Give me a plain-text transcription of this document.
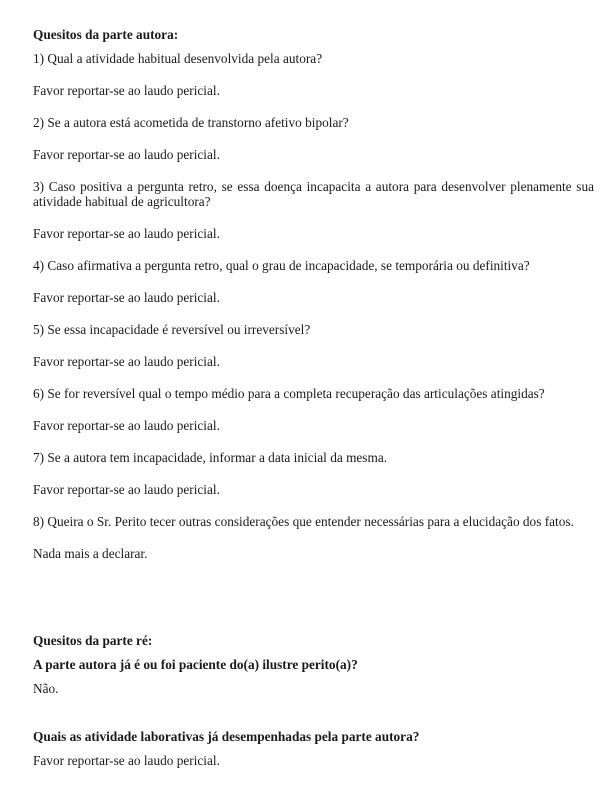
Quesitos da parte autora:

1) Qual a atividade habitual desenvolvida pela autora?

Favor reportar-se ao laudo pericial.

2) Se a autora está acometida de transtorno afetivo bipolar?

Favor reportar-se ao laudo pericial.

3) Caso positiva a pergunta retro, se essa doença incapacita a autora para desenvolver plenamente sua atividade habitual de agricultora?

Favor reportar-se ao laudo pericial.

4) Caso afirmativa a pergunta retro, qual o grau de incapacidade, se temporária ou definitiva?

Favor reportar-se ao laudo pericial.

5) Se essa incapacidade é reversível ou irreversível?

Favor reportar-se ao laudo pericial.

6) Se for reversível qual o tempo médio para a completa recuperação das articulações atingidas?

Favor reportar-se ao laudo pericial.

7) Se a autora tem incapacidade, informar a data inicial da mesma.

Favor reportar-se ao laudo pericial.

8) Queira o Sr. Perito tecer outras considerações que entender necessárias para a elucidação dos fatos.

Nada mais a declarar.

Quesitos da parte ré:

A parte autora já é ou foi paciente do(a) ilustre perito(a)?

Não.

Quais as atividade laborativas já desempenhadas pela parte autora?

Favor reportar-se ao laudo pericial.
